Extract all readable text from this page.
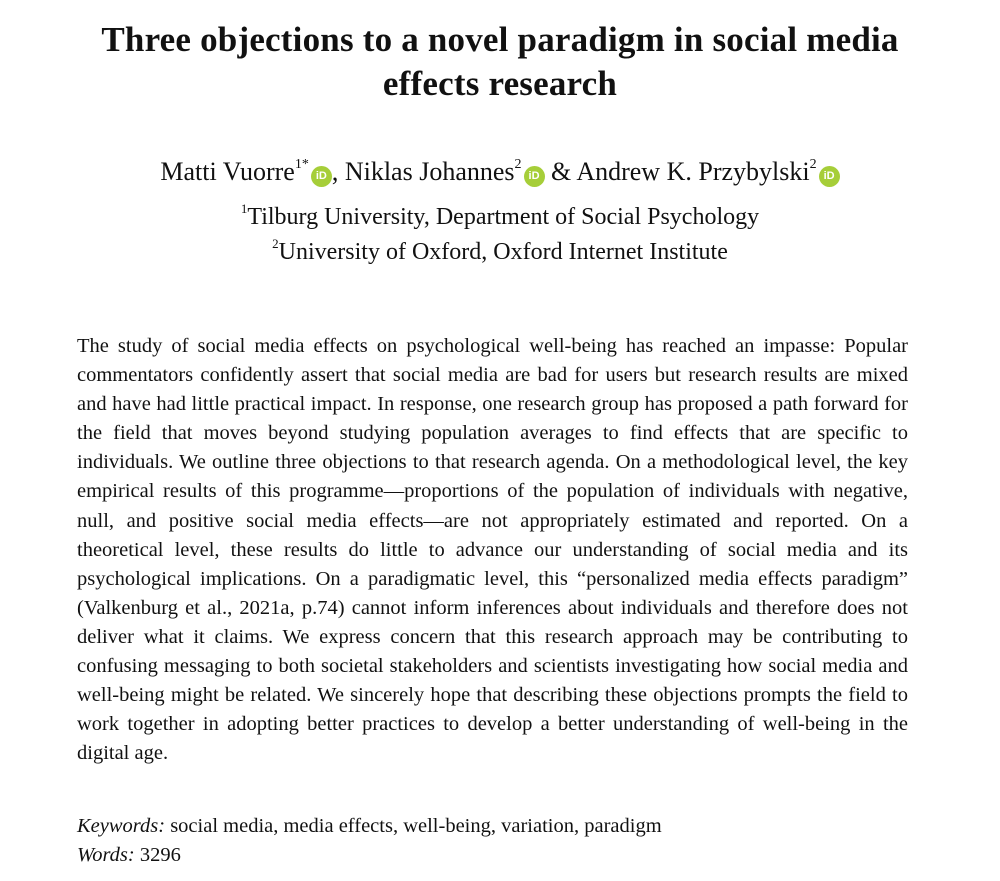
Three objections to a novel paradigm in social media
effects research
Matti Vuorre$^{1*}$iD , Niklas Johannes$^2$iD & Andrew K. Przybylski$^2$iD
$^1$Tilburg University, Department of Social Psychology
$^2$University of Oxford, Oxford Internet Institute

The study of social media effects on psychological well-being has reached an impasse: Popular commentators confidently assert that social media are bad for users but research results are mixed and have had little practical impact. In response, one research group has proposed a path forward for the field that moves beyond studying population averages to find effects that are specific to individuals. We outline three objections to that research agenda. On a methodological level, the key empirical results of this programme—proportions of the population of individuals with negative, null, and positive social media effects—are not appropriately estimated and reported. On a theoretical level, these results do little to advance our understanding of social media and its psychological implications. On a paradigmatic level, this “personalized media effects paradigm” (Valkenburg et al., 2021a, p.74) cannot inform inferences about individuals and therefore does not deliver what it claims. We express concern that this research approach may be contributing to confusing messaging to both societal stakeholders and scientists investigating how social media and well-being might be related. We sincerely hope that describing these objections prompts the field to work together in adopting better practices to develop a better understanding of well-being in the digital age.

Keywords: social media, media effects, well-being, variation, paradigm
Words: 3296
